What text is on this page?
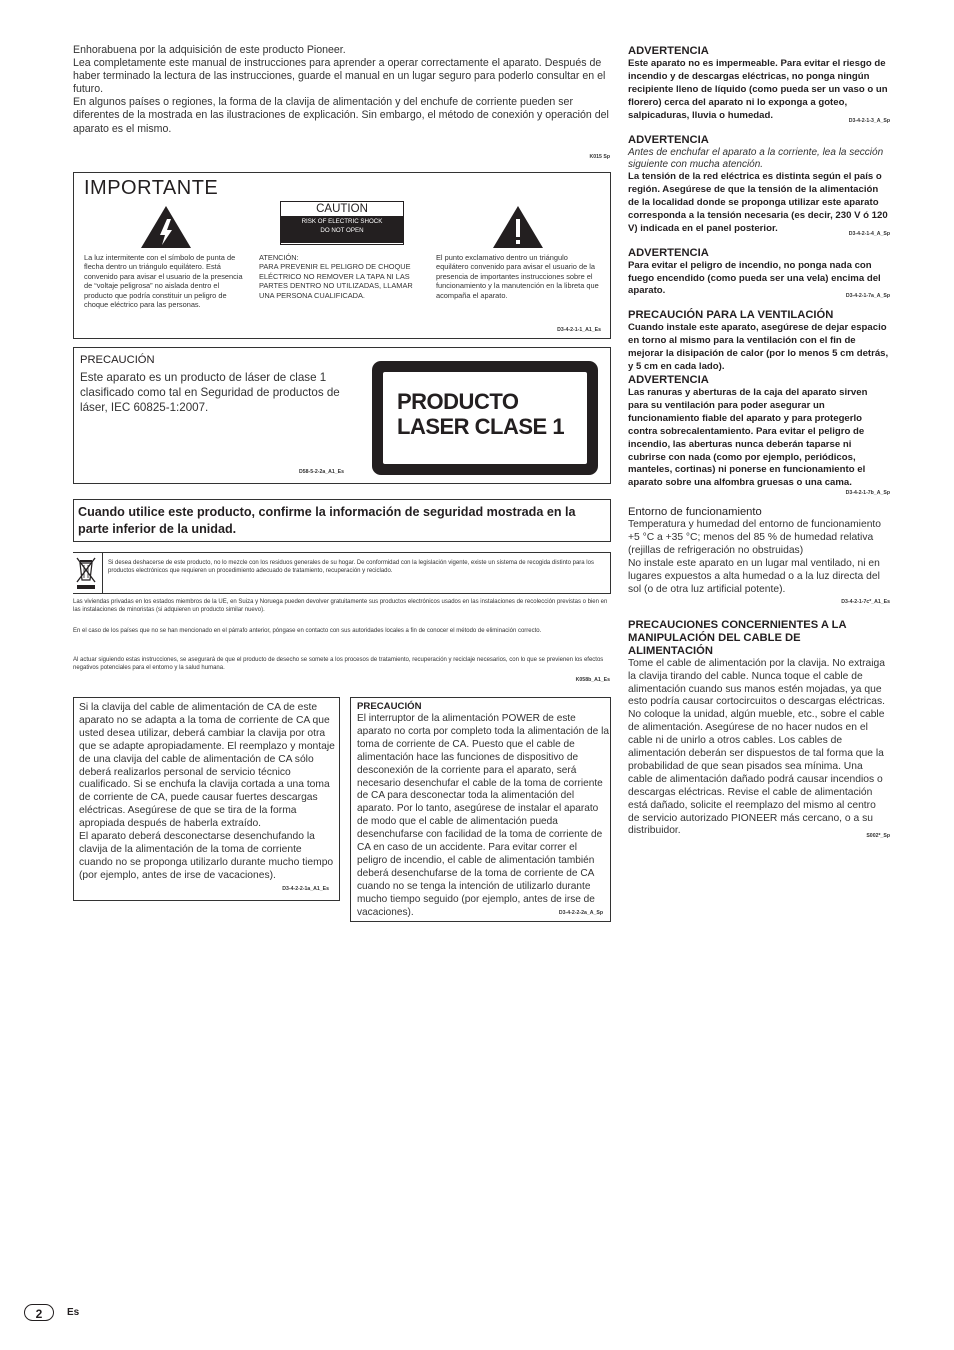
Enhorabuena por la adquisición de este producto Pioneer.
Lea completamente este manual de instrucciones para aprender a operar correctamente el aparato. Después de haber terminado la lectura de las instrucciones, guarde el manual en un lugar seguro para poderlo consultar en el futuro.
En algunos países o regiones, la forma de la clavija de alimentación y del enchufe de corriente pueden ser diferentes de la mostrada en las ilustraciones de explicación. Sin embargo, el método de conexión y operación del aparato es el mismo.
K015 Sp
IMPORTANTE
CAUTION
RISK OF ELECTRIC SHOCK
DO NOT OPEN
La luz intermitente con el símbolo de punta de flecha dentro un triángulo equilátero. Está convenido para avisar el usuario de la presencia de “voltaje peligrosa” no aislada dentro el producto que podría constituir un peligro de choque eléctrico para las personas.
ATENCIÓN:
PARA PREVENIR EL PELIGRO DE CHOQUE ELÉCTRICO NO REMOVER LA TAPA NI LAS PARTES DENTRO NO UTILIZADAS, LLAMAR UNA PERSONA CUALIFICADA.
El punto exclamativo dentro un triángulo equilátero convenido para avisar el usuario de la presencia de importantes instrucciones sobre el funcionamiento y la manutención en la libreta que acompaña el aparato.
D3-4-2-1-1_A1_Es
PRECAUCIÓN
Este aparato es un producto de láser de clase 1 clasificado como tal en Seguridad de productos de láser, IEC 60825-1:2007.
D58-5-2-2a_A1_Es
PRODUCTO
LASER CLASE 1
Cuando utilice este producto, confirme la información de seguridad mostrada en la parte inferior de la unidad.
Si desea deshacerse de este producto, no lo mezcle con los residuos generales de su hogar. De conformidad con la legislación vigente, existe un sistema de recogida distinto para los productos electrónicos que requieren un procedimiento adecuado de tratamiento, recuperación y reciclado.
Las viviendas privadas en los estados miembros de la UE, en Suiza y Noruega pueden devolver gratuitamente sus productos electrónicos usados en las instalaciones de recolección previstas o bien en las instalaciones de minoristas (si adquieren un producto similar nuevo).
En el caso de los países que no se han mencionado en el párrafo anterior, póngase en contacto con sus autoridades locales a fin de conocer el método de eliminación correcto.
Al actuar siguiendo estas instrucciones, se asegurará de que el producto de desecho se somete a los procesos de tratamiento, recuperación y reciclaje necesarios, con lo que se previenen los efectos negativos potenciales para el entorno y la salud humana.
K058b_A1_Es
Si la clavija del cable de alimentación de CA de este aparato no se adapta a la toma de corriente de CA que usted desea utilizar, deberá cambiar la clavija por otra que se adapte apropiadamente. El reemplazo y montaje de una clavija del cable de alimentación de CA sólo deberá realizarlos personal de servicio técnico cualificado. Si se enchufa la clavija cortada a una toma de corriente de CA, puede causar fuertes descargas eléctricas. Asegúrese de que se tira de la forma apropiada después de haberla extraído.
El aparato deberá desconectarse desenchufando la clavija de la alimentación de la toma de corriente cuando no se proponga utilizarlo durante mucho tiempo (por ejemplo, antes de irse de vacaciones).
D3-4-2-2-1a_A1_Es
PRECAUCIÓN
El interruptor de la alimentación POWER de este aparato no corta por completo toda la alimentación de la toma de corriente de CA. Puesto que el cable de alimentación hace las funciones de dispositivo de desconexión de la corriente para el aparato, será necesario desenchufar el cable de la toma de corriente de CA para desconectar toda la alimentación del aparato. Por lo tanto, asegúrese de instalar el aparato de modo que el cable de alimentación pueda desenchufarse con facilidad de la toma de corriente de CA en caso de un accidente. Para evitar correr el peligro de incendio, el cable de alimentación también deberá desenchufarse de la toma de corriente de CA cuando no se tenga la intención de utilizarlo durante mucho tiempo seguido (por ejemplo, antes de irse de vacaciones).	D3-4-2-2-2a_A_Sp
ADVERTENCIA
Este aparato no es impermeable. Para evitar el riesgo de incendio y de descargas eléctricas, no ponga ningún recipiente lleno de líquido (como pueda ser un vaso o un florero) cerca del aparato ni lo exponga a goteo, salpicaduras, lluvia o humedad.	D3-4-2-1-3_A_Sp
ADVERTENCIA
Antes de enchufar el aparato a la corriente, lea la sección siguiente con mucha atención.
La tensión de la red eléctrica es distinta según el país o región. Asegúrese de que la tensión de la alimentación de la localidad donde se proponga utilizar este aparato corresponda a la tensión necesaria (es decir, 230 V ó 120 V) indicada en el panel posterior.	D3-4-2-1-4_A_Sp
ADVERTENCIA
Para evitar el peligro de incendio, no ponga nada con fuego encendido (como pueda ser una vela) encima del aparato.	D3-4-2-1-7a_A_Sp
PRECAUCIÓN PARA LA VENTILACIÓN
Cuando instale este aparato, asegúrese de dejar espacio en torno al mismo para la ventilación con el fin de mejorar la disipación de calor (por lo menos 5 cm detrás, y 5 cm en cada lado).
ADVERTENCIA
Las ranuras y aberturas de la caja del aparato sirven para su ventilación para poder asegurar un funcionamiento fiable del aparato y para protegerlo contra sobrecalentamiento. Para evitar el peligro de incendio, las aberturas nunca deberán taparse ni cubrirse con nada (como por ejemplo, periódicos, manteles, cortinas) ni ponerse en funcionamiento el aparato sobre una alfombra gruesas o una cama.
D3-4-2-1-7b_A_Sp
Entorno de funcionamiento
Temperatura y humedad del entorno de funcionamiento +5 °C a +35 °C; menos del 85 % de humedad relativa (rejillas de refrigeración no obstruidas)
No instale este aparato en un lugar mal ventilado, ni en lugares expuestos a alta humedad o a la luz directa del sol (o de otra luz artificial potente).
D3-4-2-1-7c*_A1_Es
PRECAUCIONES CONCERNIENTES A LA MANIPULACIÓN DEL CABLE DE ALIMENTACIÓN
Tome el cable de alimentación por la clavija. No extraiga la clavija tirando del cable. Nunca toque el cable de alimentación cuando sus manos estén mojadas, ya que esto podría causar cortocircuitos o descargas eléctricas. No coloque la unidad, algún mueble, etc., sobre el cable de alimentación. Asegúrese de no hacer nudos en el cable ni de unirlo a otros cables. Los cables de alimentación deberán ser dispuestos de tal forma que la probabilidad de que sean pisados sea mínima. Una cable de alimentación dañado podrá causar incendios o descargas eléctricas. Revise el cable de alimentación está dañado, solicite el reemplazo del mismo al centro de servicio autorizado PIONEER más cercano, o a su distribuidor.	S002*_Sp
2	Es
